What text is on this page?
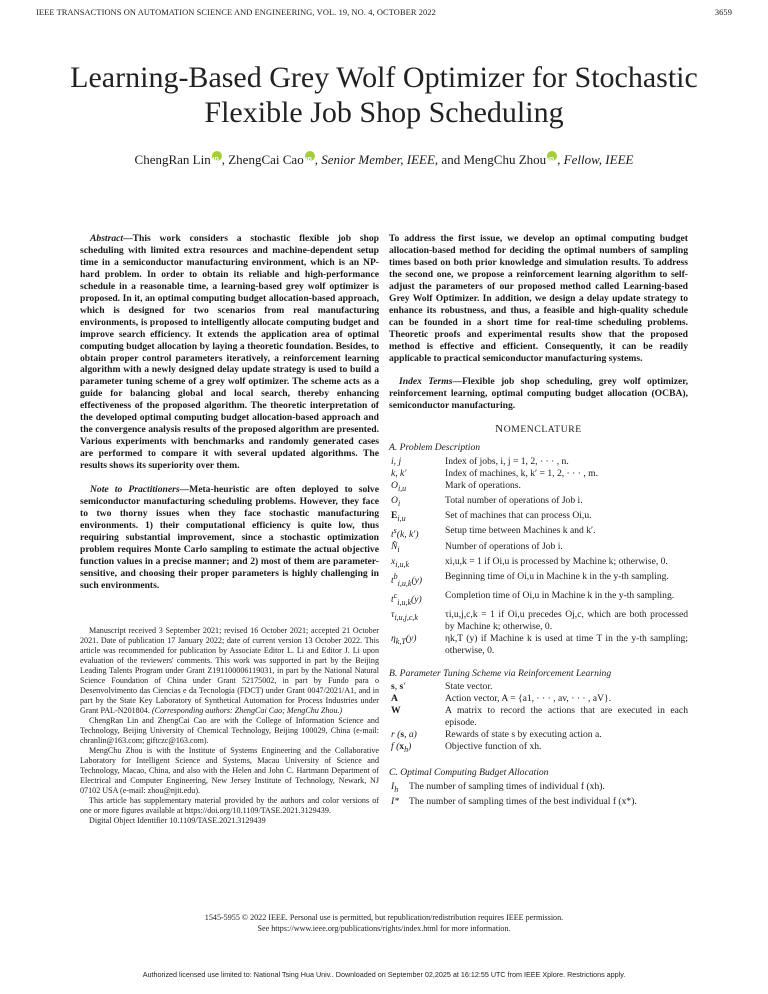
IEEE TRANSACTIONS ON AUTOMATION SCIENCE AND ENGINEERING, VOL. 19, NO. 4, OCTOBER 2022	3659
Learning-Based Grey Wolf Optimizer for Stochastic
Flexible Job Shop Scheduling
ChengRan Lin iD , ZhengCai Cao iD , Senior Member, IEEE, and MengChu Zhou iD , Fellow, IEEE

Abstract—This work considers a stochastic flexible job shop scheduling with limited extra resources and machine-dependent setup time in a semiconductor manufacturing environment, which is an NP-hard problem. In order to obtain its reliable and high-performance schedule in a reasonable time, a learning-based grey wolf optimizer is proposed. In it, an optimal computing budget allocation-based approach, which is designed for two scenarios from real manufacturing environments, is proposed to intelligently allocate computing budget and improve search efficiency. It extends the application area of optimal computing budget allocation by laying a theoretic foundation. Besides, to obtain proper control parameters iteratively, a reinforcement learning algorithm with a newly designed delay update strategy is used to build a parameter tuning scheme of a grey wolf optimizer. The scheme acts as a guide for balancing global and local search, thereby enhancing effectiveness of the proposed algorithm. The theoretic interpretation of the developed optimal computing budget allocation-based approach and the convergence analysis results of the proposed algorithm are presented. Various experiments with benchmarks and randomly generated cases are performed to compare it with several updated algorithms. The results shows its superiority over them.

Note to Practitioners—Meta-heuristic are often deployed to solve semiconductor manufacturing scheduling problems. However, they face to two thorny issues when they face stochastic manufacturing environments. 1) their computational efficiency is quite low, thus requiring substantial improvement, since a stochastic optimization problem requires Monte Carlo sampling to estimate the actual objective function values in a precise manner; and 2) most of them are parameter-sensitive, and choosing their proper parameters is highly challenging in such environments.

Manuscript received 3 September 2021; revised 16 October 2021; accepted 21 October 2021. Date of publication 17 January 2022; date of current version 13 October 2022. This article was recommended for publication by Associate Editor L. Li and Editor J. Li upon evaluation of the reviewers' comments. This work was supported in part by the Beijing Leading Talents Program under Grant Z191100006119031, in part by the National Natural Science Foundation of China under Grant 52175002, in part by Fundo para o Desenvolvimento das Ciencias e da Tecnologia (FDCT) under Grant 0047/2021/A1, and in part by the State Key Laboratory of Synthetical Automation for Process Industries under Grant PAL-N201804. (Corresponding authors: ZhengCai Cao; MengChu Zhou.)

ChengRan Lin and ZhengCai Cao are with the College of Information Science and Technology, Beijing University of Chemical Technology, Beijing 100029, China (e-mail: chranlin@163.com; giftczc@163.com).

MengChu Zhou is with the Institute of Systems Engineering and the Collaborative Laboratory for Intelligent Science and Systems, Macau University of Science and Technology, Macao, China, and also with the Helen and John C. Hartmann Department of Electrical and Computer Engineering, New Jersey Institute of Technology, Newark, NJ 07102 USA (e-mail: zhou@njit.edu).

This article has supplementary material provided by the authors and color versions of one or more figures available at https://doi.org/10.1109/TASE.2021.3129439.

Digital Object Identifier 10.1109/TASE.2021.3129439

To address the first issue, we develop an optimal computing budget allocation-based method for deciding the optimal numbers of sampling times based on both prior knowledge and simulation results. To address the second one, we propose a reinforcement learning algorithm to self-adjust the parameters of our proposed method called Learning-based Grey Wolf Optimizer. In addition, we design a delay update strategy to enhance its robustness, and thus, a feasible and high-quality schedule can be founded in a short time for real-time scheduling problems. Theoretic proofs and experimental results show that the proposed method is effective and efficient. Consequently, it can be readily applicable to practical semiconductor manufacturing systems.

Index Terms—Flexible job shop scheduling, grey wolf optimizer, reinforcement learning, optimal computing budget allocation (OCBA), semiconductor manufacturing.

NOMENCLATURE
A. Problem Description
i, j	Index of jobs, i, j = 1, 2, · · · , n.
k, k′	Index of machines, k, k′ = 1, 2, · · · , m.
$O_{i,u}$	Mark of operations.
$O_i$	Total number of operations of Job i.
$E_{i,u}$	Set of machines that can process Oi,u.
$t^s(k$, k′)	Setup time between Machines k and k′.
$N̂_i$	Number of operations of Job i.
$x_{i,u,k}$	xi,u,k = 1 if Oi,u is processed by Machine k; otherwise, 0.
$t^b_{i,u,k}(y)$	Beginning time of Oi,u in Machine k in the y-th sampling.
$t^c_{i,u,k}(y)$	Completion time of Oi,u in Machine k in the y-th sampling.
$\tau_{i,u,j,c,k}$	τi,u,j,c,k = 1 if Oi,u precedes Oj,c, which are both processed by Machine k; otherwise, 0.
$\eta_{k,T}(y)$	ηk,T (y) if Machine k is used at time T in the y-th sampling; otherwise, 0.
B. Parameter Tuning Scheme via Reinforcement Learning
s, s′	State vector.
A	Action vector, A = {a1, · · · , av, · · · , aV}.
W	A matrix to record the actions that are executed in each episode.
r (s, a)	Rewards of state s by executing action a.
f $(x_h)$	Objective function of xh.
C. Optimal Computing Budget Allocation
$I_h$	The number of sampling times of individual f (xh).
I*	The number of sampling times of the best individual f (x*).
1545-5955 © 2022 IEEE. Personal use is permitted, but republication/redistribution requires IEEE permission.
See https://www.ieee.org/publications/rights/index.html for more information.
Authorized licensed use limited to: National Tsing Hua Univ.. Downloaded on September 02,2025 at 16:12:55 UTC from IEEE Xplore. Restrictions apply.
